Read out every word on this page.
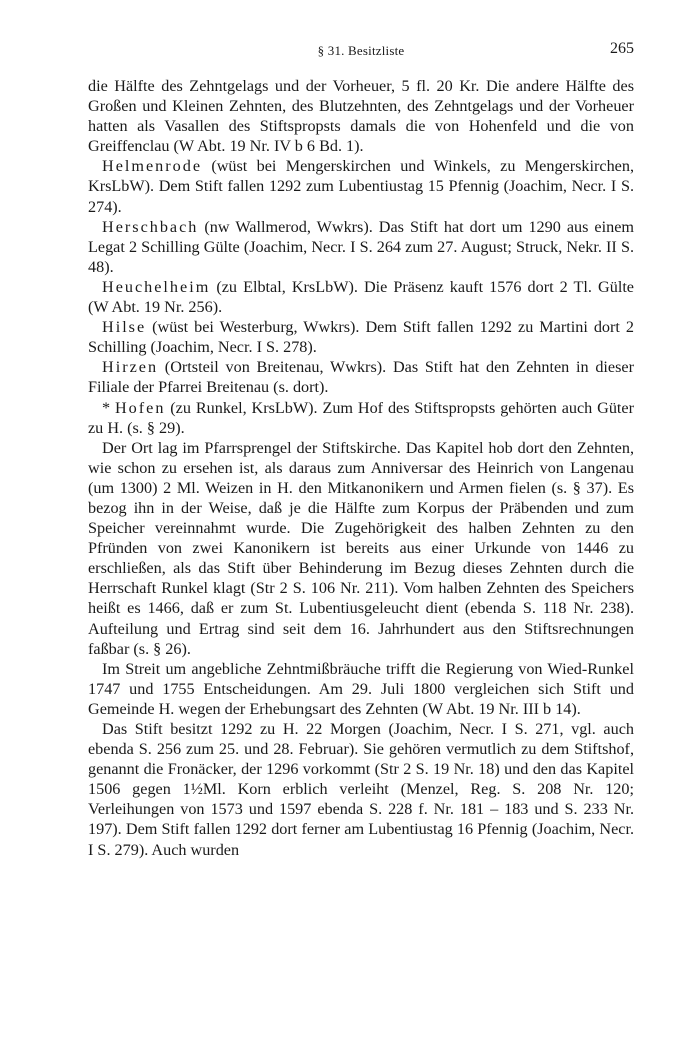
§ 31. Besitzliste	265

die Hälfte des Zehntgelags und der Vorheuer, 5 fl. 20 Kr. Die andere Hälfte des Großen und Kleinen Zehnten, des Blutzehnten, des Zehntgelags und der Vorheuer hatten als Vasallen des Stiftspropsts damals die von Hohenfeld und die von Greiffenclau (W Abt. 19 Nr. IV b 6 Bd. 1).

Helmenrode (wüst bei Mengerskirchen und Winkels, zu Mengerskirchen, KrsLbW). Dem Stift fallen 1292 zum Lubentiustag 15 Pfennig (Joachim, Necr. I S. 274).

Herschbach (nw Wallmerod, Wwkrs). Das Stift hat dort um 1290 aus einem Legat 2 Schilling Gülte (Joachim, Necr. I S. 264 zum 27. August; Struck, Nekr. II S. 48).

Heuchelheim (zu Elbtal, KrsLbW). Die Präsenz kauft 1576 dort 2 Tl. Gülte (W Abt. 19 Nr. 256).

Hilse (wüst bei Westerburg, Wwkrs). Dem Stift fallen 1292 zu Martini dort 2 Schilling (Joachim, Necr. I S. 278).

Hirzen (Ortsteil von Breitenau, Wwkrs). Das Stift hat den Zehnten in dieser Filiale der Pfarrei Breitenau (s. dort).

* Hofen (zu Runkel, KrsLbW). Zum Hof des Stiftspropsts gehörten auch Güter zu H. (s. § 29).

Der Ort lag im Pfarrsprengel der Stiftskirche. Das Kapitel hob dort den Zehnten, wie schon zu ersehen ist, als daraus zum Anniversar des Heinrich von Langenau (um 1300) 2 Ml. Weizen in H. den Mitkanonikern und Armen fielen (s. § 37). Es bezog ihn in der Weise, daß je die Hälfte zum Korpus der Präbenden und zum Speicher vereinnahmt wurde. Die Zugehörigkeit des halben Zehnten zu den Pfründen von zwei Kanonikern ist bereits aus einer Urkunde von 1446 zu erschließen, als das Stift über Behinderung im Bezug dieses Zehnten durch die Herrschaft Runkel klagt (Str 2 S. 106 Nr. 211). Vom halben Zehnten des Speichers heißt es 1466, daß er zum St. Lubentiusgeleucht dient (ebenda S. 118 Nr. 238). Aufteilung und Ertrag sind seit dem 16. Jahrhundert aus den Stiftsrechnungen faßbar (s. § 26).

Im Streit um angebliche Zehntmißbräuche trifft die Regierung von Wied-Runkel 1747 und 1755 Entscheidungen. Am 29. Juli 1800 vergleichen sich Stift und Gemeinde H. wegen der Erhebungsart des Zehnten (W Abt. 19 Nr. III b 14).

Das Stift besitzt 1292 zu H. 22 Morgen (Joachim, Necr. I S. 271, vgl. auch ebenda S. 256 zum 25. und 28. Februar). Sie gehören vermutlich zu dem Stiftshof, genannt die Fronäcker, der 1296 vorkommt (Str 2 S. 19 Nr. 18) und den das Kapitel 1506 gegen 1½Ml. Korn erblich verleiht (Menzel, Reg. S. 208 Nr. 120; Verleihungen von 1573 und 1597 ebenda S. 228 f. Nr. 181 – 183 und S. 233 Nr. 197). Dem Stift fallen 1292 dort ferner am Lubentiustag 16 Pfennig (Joachim, Necr. I S. 279). Auch wurden
